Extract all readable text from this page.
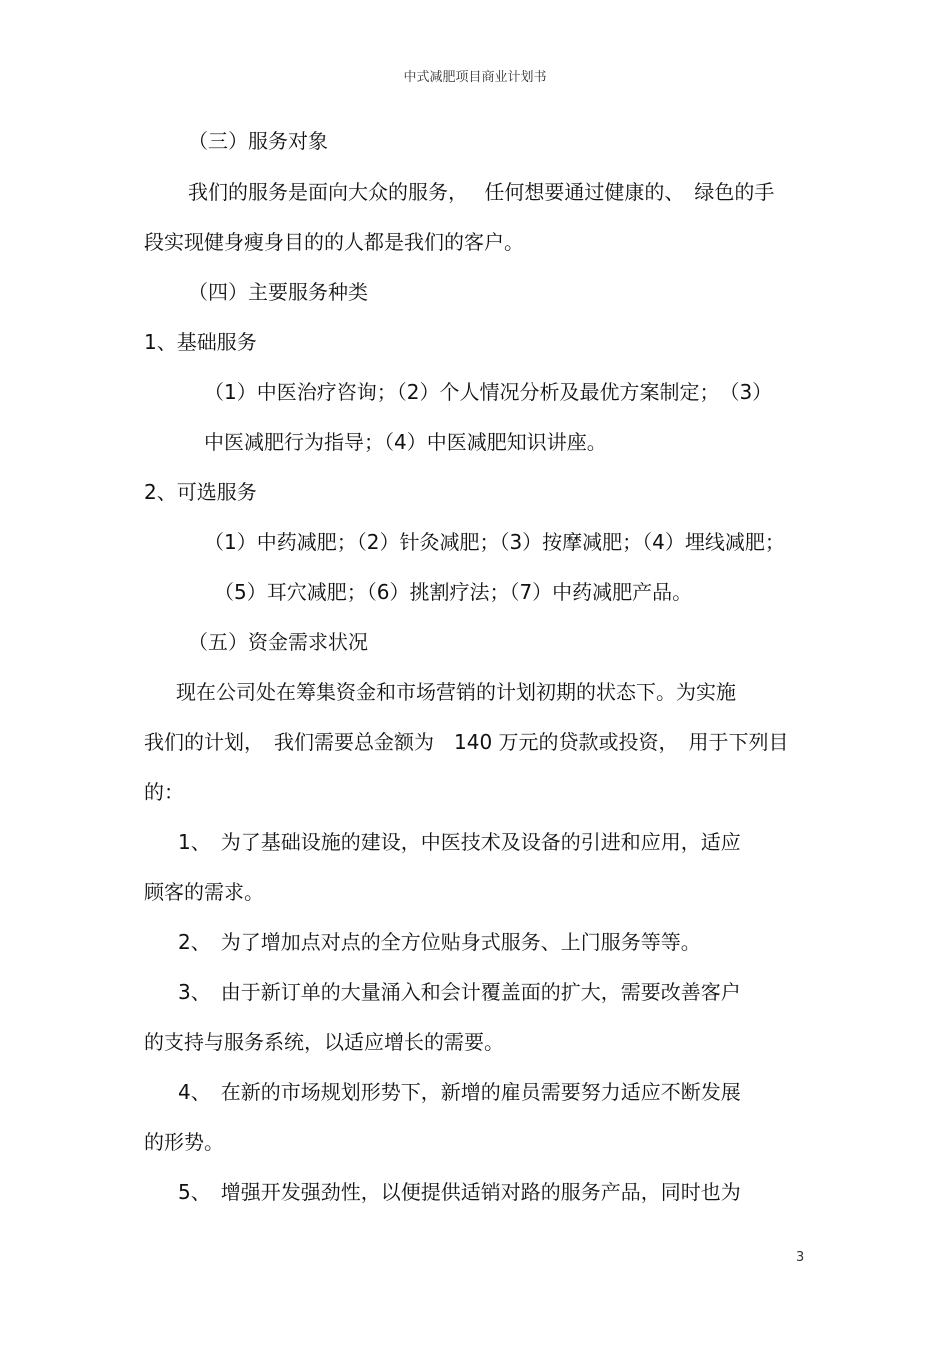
中式减肥项目商业计划书
（三）服务对象
我们的服务是面向大众的服务，　 任何想要通过健康的、　绿色的手
段实现健身瘦身目的的人都是我们的客户。
（四）主要服务种类
1、基础服务
（1）中医治疗咨询；（2）个人情况分析及最优方案制定；　（3）
中医减肥行为指导；（4）中医减肥知识讲座。
2、可选服务
（1）中药减肥；（2）针灸减肥；（3）按摩减肥；（4）埋线减肥；
（5）耳穴减肥；（6）挑割疗法；（7）中药减肥产品。
（五）资金需求状况
现在公司处在筹集资金和市场营销的计划初期的状态下。为实施
我们的计划，　我们需要总金额为　140 万元的贷款或投资，　用于下列目
的：
1、　为了基础设施的建设，中医技术及设备的引进和应用，适应
顾客的需求。
2、　为了增加点对点的全方位贴身式服务、上门服务等等。
3、　由于新订单的大量涌入和会计覆盖面的扩大，需要改善客户
的支持与服务系统，以适应增长的需要。
4、　在新的市场规划形势下，新增的雇员需要努力适应不断发展
的形势。
5、　增强开发强劲性，以便提供适销对路的服务产品，同时也为
3
